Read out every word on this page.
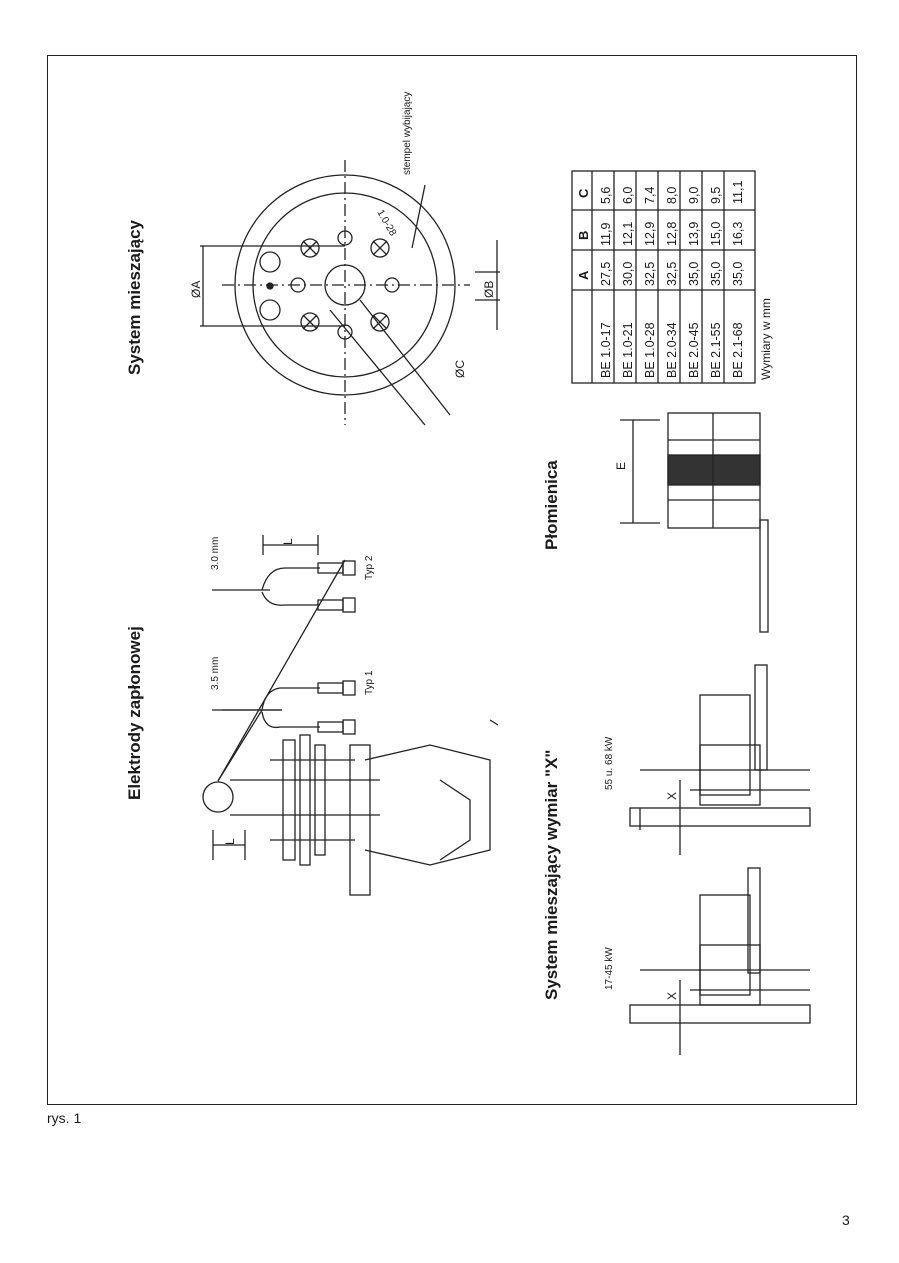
System mieszający
Elektrody zapłonowej
Płomienica
System mieszający wymiar "X"
ØA	ØB
ØC
1.0-28
stempel wybijający
3.5 mm
3.0 mm
Typ 1
Typ 2
L
L
E
55 u. 68 kW
17-45 kW
X
X
A
B
C
BE 1.0-17
27,5
11,9
5,6
BE 1.0-21
30,0
12,1
6,0
BE 1.0-28
32,5
12,9
7,4
BE 2.0-34
32,5
12,8
8,0
BE 2.0-45
35,0
13,9
9,0
BE 2.1-55
35,0
15,0
9,5
BE 2.1-68
35,0
16,3
11,1
Wymiary w mm
rys. 1
3
